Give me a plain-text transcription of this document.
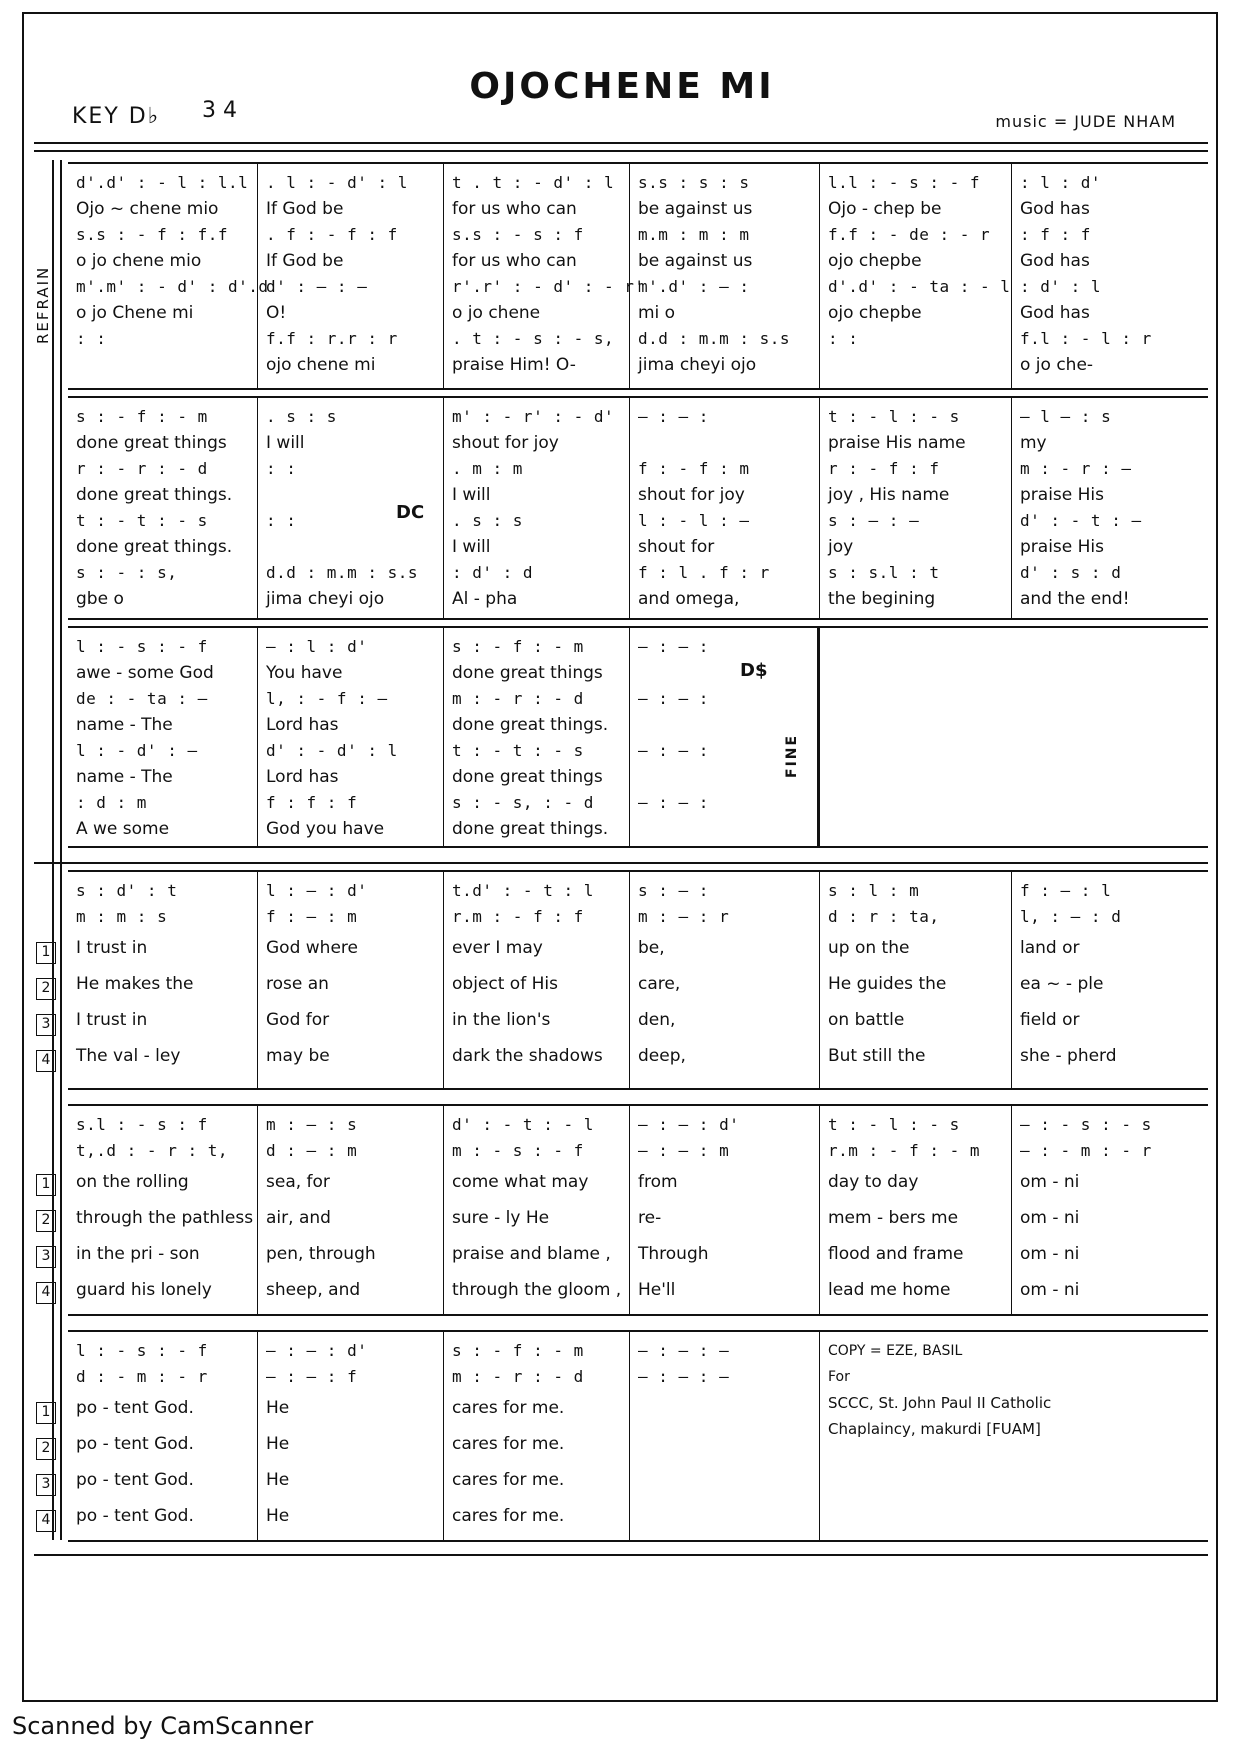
OJOCHENE MI
KEY D♭ 3 4	music = JUDE NHAM
REFRAIN
d'.d' : - l : l.l
Ojo ~ chene mio
s.s : - f : f.f
o jo chene mio
m'.m' : - d' : d'.d'
o jo Chene mi
: :
. l : - d' : l
If God be
. f : - f : f
If God be
d' : — : —
O!
f.f : r.r : r
ojo chene mi
t . t : - d' : l
for us who can
s.s : - s : f
for us who can
r'.r' : - d' : - r'
o jo chene
. t : - s : - s,
praise Him! O-
s.s : s : s
be against us
m.m : m : m
be against us
m'.d' : — :
mi o
d.d : m.m : s.s
jima cheyi ojo
l.l : - s : - f
Ojo - chep be
f.f : - de : - r
ojo chepbe
d'.d' : - ta : - l
ojo chepbe
: :
: l : d'
God has
: f : f
God has
: d' : l
God has
f.l : - l : r
o jo che-
s : - f : - m
done great things
r : - r : - d
done great things.
t : - t : - s
done great things.
s : - : s,
gbe o
. s : s
I will
: :
: :
d.d : m.m : s.s
jima cheyi ojo
DC
m' : - r' : - d'
shout for joy
. m : m
I will
. s : s
I will
: d' : d
Al - pha
— : — :
f : - f : m
shout for joy
l : - l : —
shout for
f : l . f : r
and omega,
t : - l : - s
praise His name
r : - f : f
joy , His name
s : — : —
joy
s : s.l : t
the begining
— l — : s
my
m : - r : —
praise His
d' : - t : —
praise His
d' : s : d
and the end!
l : - s : - f
awe - some God
de : - ta : —
name - The
l : - d' : —
name - The
: d : m
A we some
— : l : d'
You have
l, : - f : —
Lord has
d' : - d' : l
Lord has
f : f : f
God you have
s : - f : - m
done great things
m : - r : - d
done great things.
t : - t : - s
done great things
s : - s, : - d
done great things.
— : — :
— : — :
— : — :
— : — :
D$
FINE
s : d' : t
m : m : s
I trust in
He makes the
I trust in
The val - ley
l : — : d'
f : — : m
God where
rose an
God for
may be
t.d' : - t : l
r.m : - f : f
ever I may
object of His
in the lion's
dark the shadows
s : — :
m : — : r
be,
care,
den,
deep,
s : l : m
d : r : ta,
up on the
He guides the
on battle
But still the
f : — : l
l, : — : d
land or
ea ~ - ple
field or
she - pherd
1
2
3
4
s.l : - s : f
t,.d : - r : t,
on the rolling
through the pathless
in the pri - son
guard his lonely
m : — : s
d : — : m
sea, for
air, and
pen, through
sheep, and
d' : - t : - l
m : - s : - f
come what may
sure - ly He
praise and blame ,
through the gloom ,
— : — : d'
— : — : m
from
re-
Through
He'll
t : - l : - s
r.m : - f : - m
day to day
mem - bers me
flood and frame
lead me home
— : - s : - s
— : - m : - r
om - ni
om - ni
om - ni
om - ni
1
2
3
4
l : - s : - f
d : - m : - r
po - tent God.
po - tent God.
po - tent God.
po - tent God.
— : — : d'
— : — : f
He
He
He
He
s : - f : - m
m : - r : - d
cares for me.
cares for me.
cares for me.
cares for me.
— : — : —
— : — : —
COPY = EZE, BASIL
For
SCCC, St. John Paul II Catholic
Chaplaincy, makurdi [FUAM]
1
2
3
4
Scanned by CamScanner
